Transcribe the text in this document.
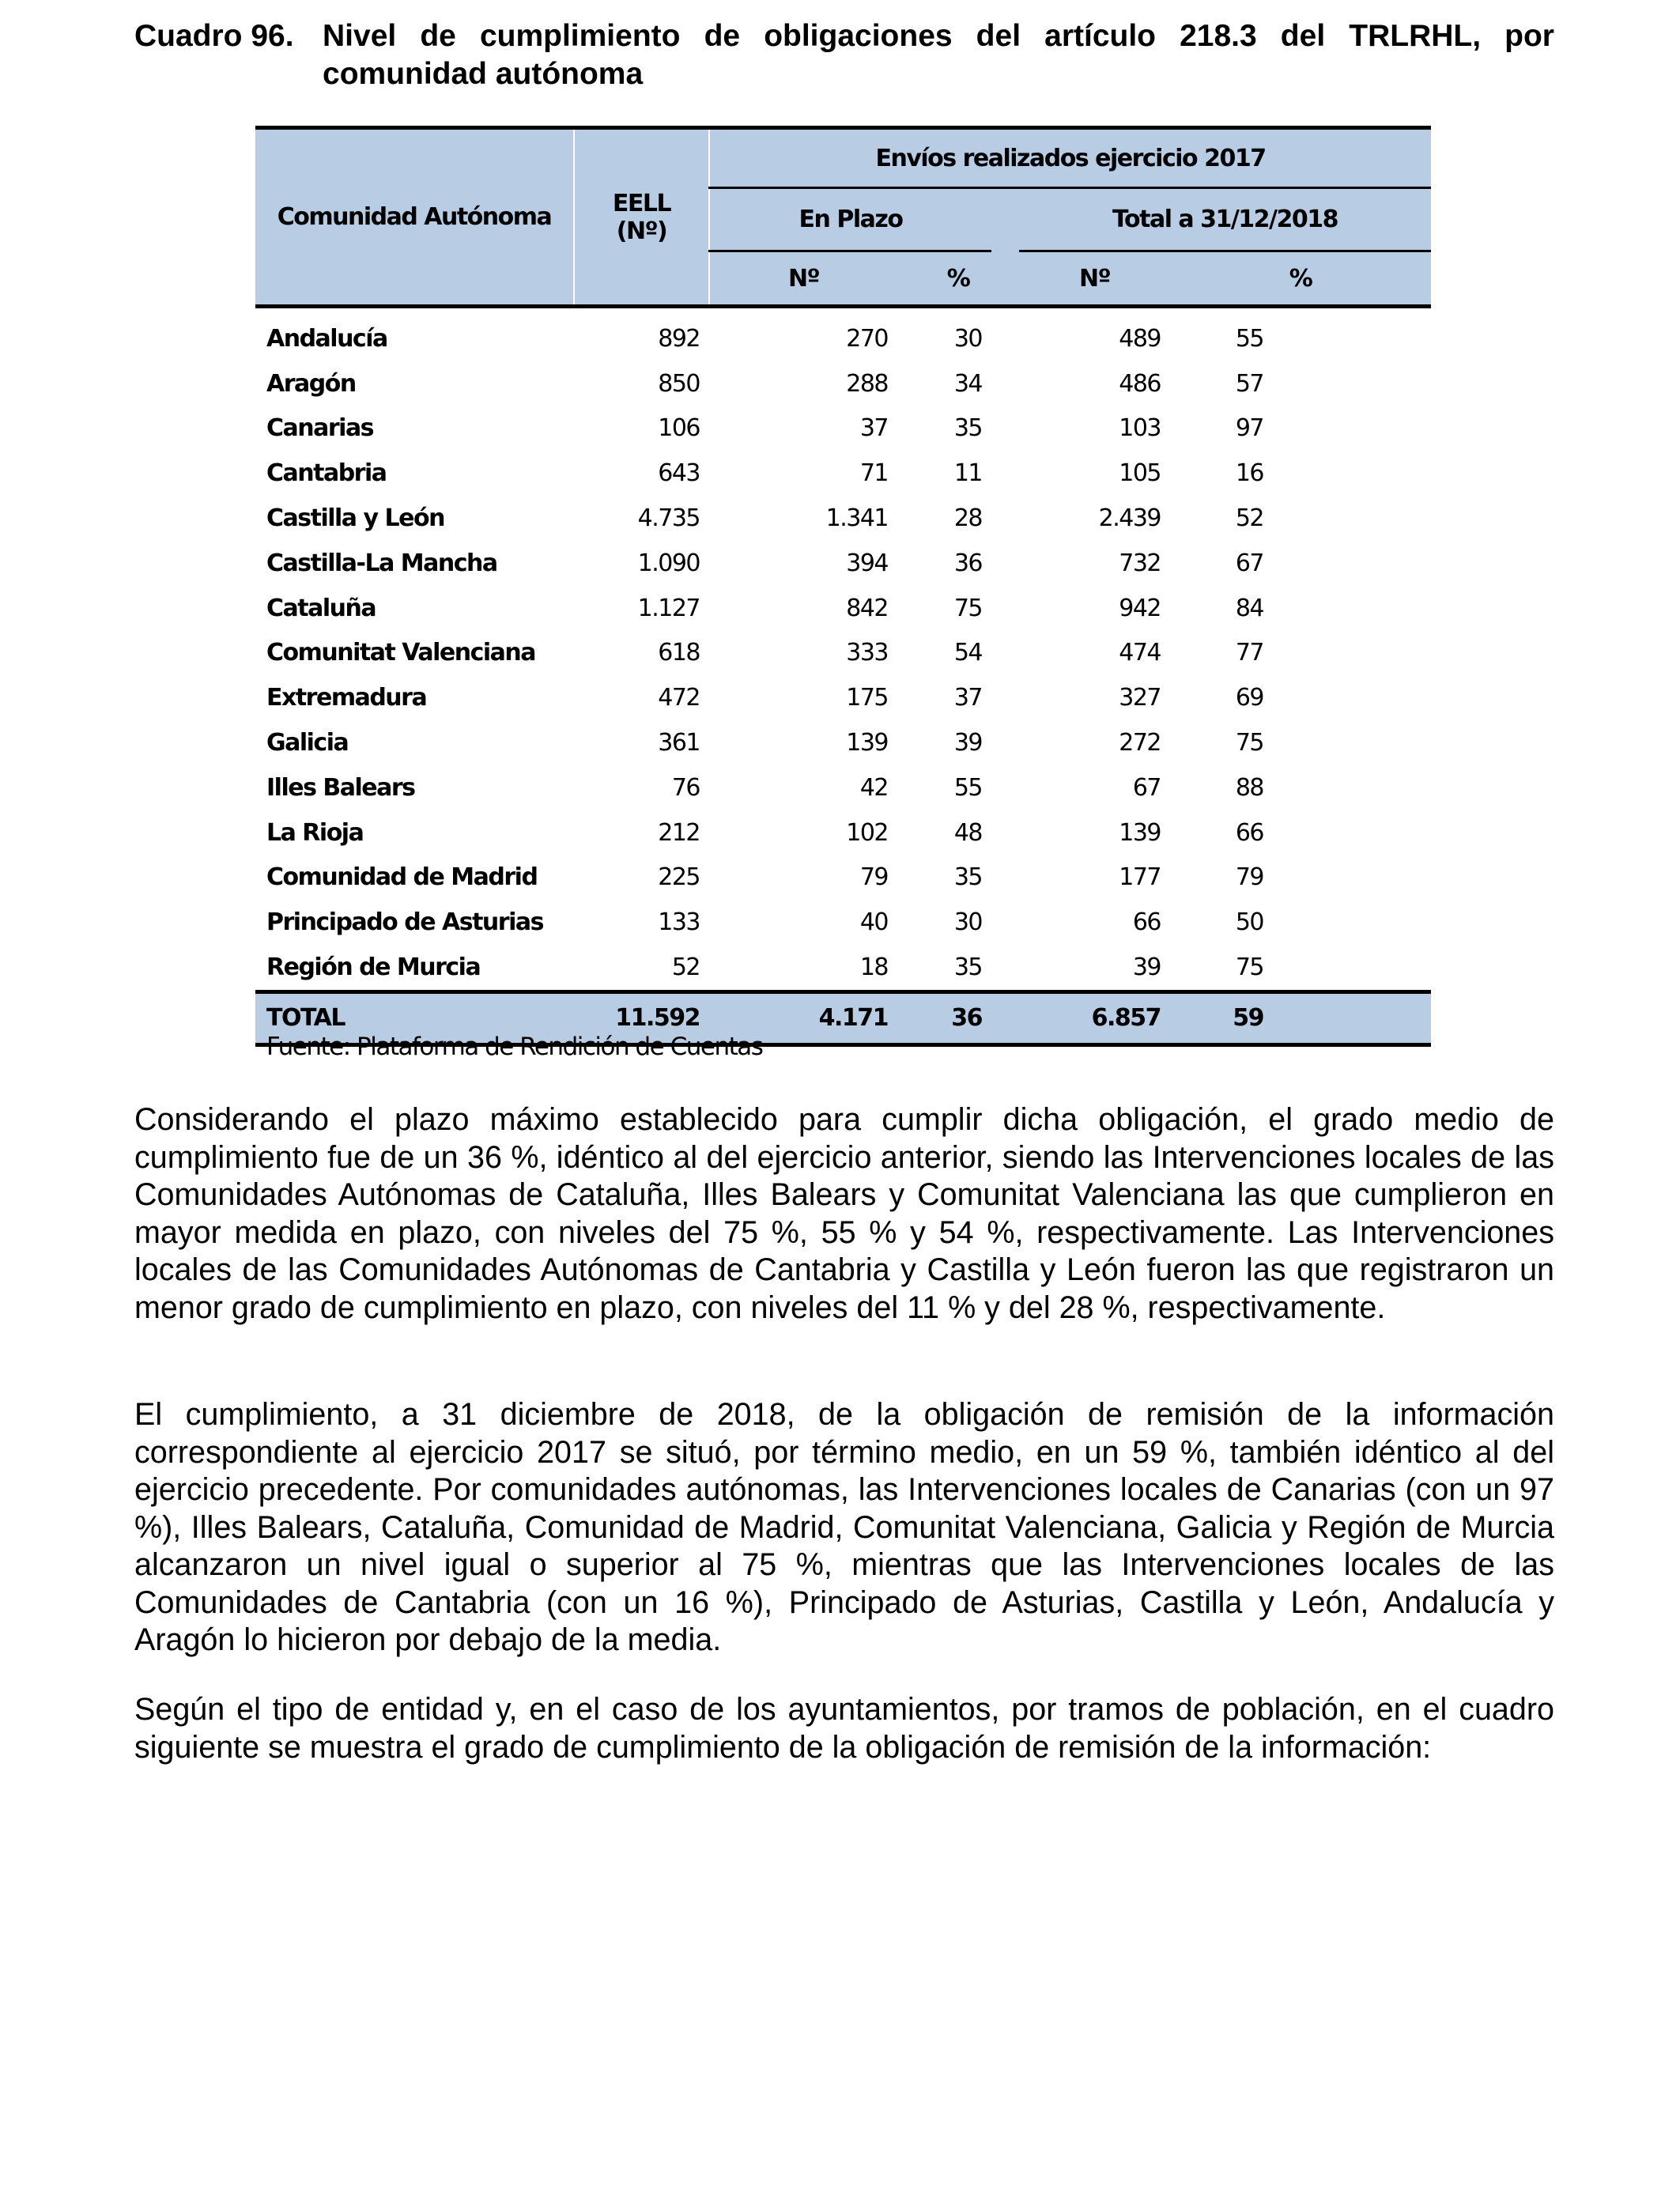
Cuadro 96. Nivel de cumplimiento de obligaciones del artículo 218.3 del TRLRHL, por comunidad autónoma
Comunidad Autónoma	EELL
(Nº)	Envíos realizados ejercicio 2017					
		En Plazo			Total a 31/12/2018		
		Nº	%		Nº	%	
Andalucía	892	270	30		489	55	
Aragón	850	288	34		486	57	
Canarias	106	37	35		103	97	
Cantabria	643	71	11		105	16	
Castilla y León	4.735	1.341	28		2.439	52	
Castilla-La Mancha	1.090	394	36		732	67	
Cataluña	1.127	842	75		942	84	
Comunitat Valenciana	618	333	54		474	77	
Extremadura	472	175	37		327	69	
Galicia	361	139	39		272	75	
Illes Balears	76	42	55		67	88	
La Rioja	212	102	48		139	66	
Comunidad de Madrid	225	79	35		177	79	
Principado de Asturias	133	40	30		66	50	
Región de Murcia	52	18	35		39	75	
TOTAL	11.592	4.171	36		6.857	59	
Fuente: Plataforma de Rendición de Cuentas

Considerando el plazo máximo establecido para cumplir dicha obligación, el grado medio de cumplimiento fue de un 36 %, idéntico al del ejercicio anterior, siendo las Intervenciones locales de las Comunidades Autónomas de Cataluña, Illes Balears y Comunitat Valenciana las que cumplieron en mayor medida en plazo, con niveles del 75 %, 55 % y 54 %, respectivamente. Las Intervenciones locales de las Comunidades Autónomas de Cantabria y Castilla y León fueron las que registraron un menor grado de cumplimiento en plazo, con niveles del 11 % y del 28 %, respectivamente.

El cumplimiento, a 31 diciembre de 2018, de la obligación de remisión de la información correspondiente al ejercicio 2017 se situó, por término medio, en un 59 %, también idéntico al del ejercicio precedente. Por comunidades autónomas, las Intervenciones locales de Canarias (con un 97 %), Illes Balears, Cataluña, Comunidad de Madrid, Comunitat Valenciana, Galicia y Región de Murcia alcanzaron un nivel igual o superior al 75 %, mientras que las Intervenciones locales de las Comunidades de Cantabria (con un 16 %), Principado de Asturias, Castilla y León, Andalucía y Aragón lo hicieron por debajo de la media.

Según el tipo de entidad y, en el caso de los ayuntamientos, por tramos de población, en el cuadro siguiente se muestra el grado de cumplimiento de la obligación de remisión de la información:
